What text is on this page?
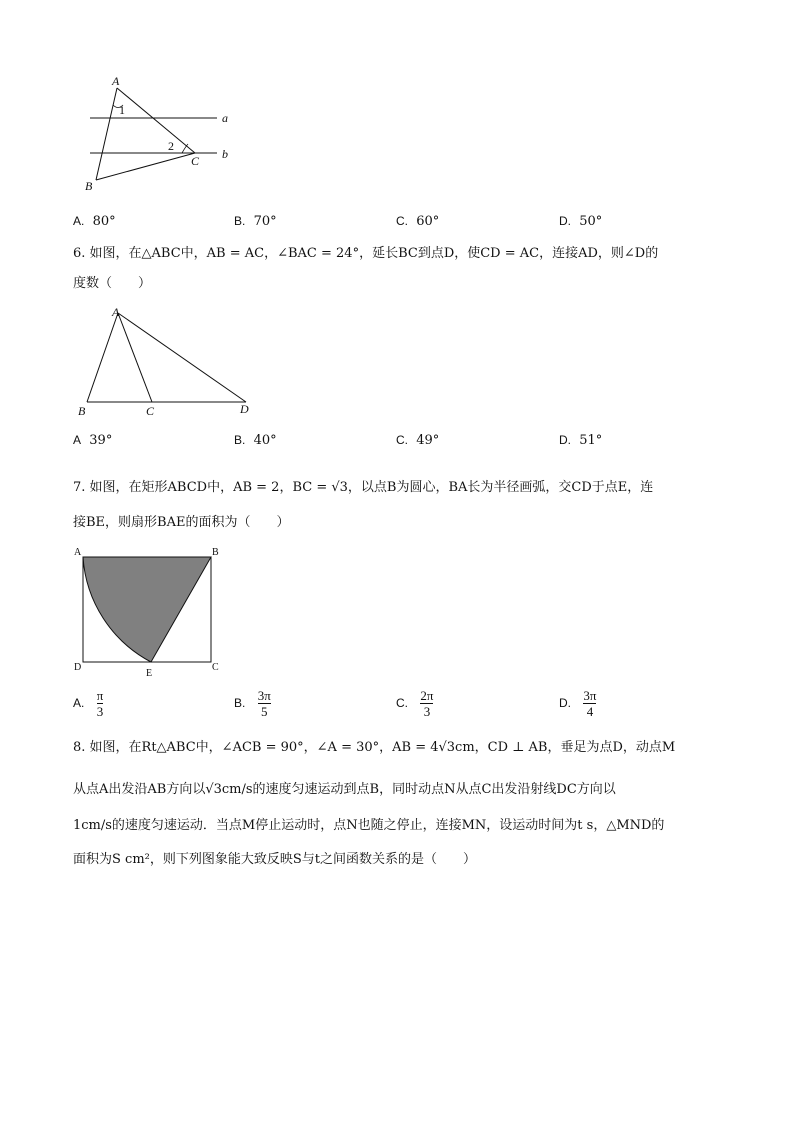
A
B
C
a
b
1
2
A. 80°	B. 70°	C. 60°	D. 50°
6. 如图，在△ABC中，AB = AC，∠BAC = 24°，延长BC到点D，使CD = AC，连接AD，则∠D的
度数（　　）
A
B	C	D
A 39°	B. 40°	C. 49°	D. 51°
7. 如图，在矩形ABCD中，AB = 2，BC = √3，以点B为圆心，BA长为半径画弧，交CD于点E，连
接BE，则扇形BAE的面积为（　　）
A	B
C
D
E
A. $\frac{\pi}{3}$	B. $\frac{3\pi}{5}$	C. $\frac{2\pi}{3}$	D. $\frac{3\pi}{4}$
8. 如图，在Rt△ABC中，∠ACB = 90°，∠A = 30°，AB = 4√3cm，CD ⊥ AB，垂足为点D，动点M
从点A出发沿AB方向以√3cm/s的速度匀速运动到点B，同时动点N从点C出发沿射线DC方向以
1cm/s的速度匀速运动．当点M停止运动时，点N也随之停止，连接MN，设运动时间为t s，△MND的
面积为S cm²，则下列图象能大致反映S与t之间函数关系的是（　　）
